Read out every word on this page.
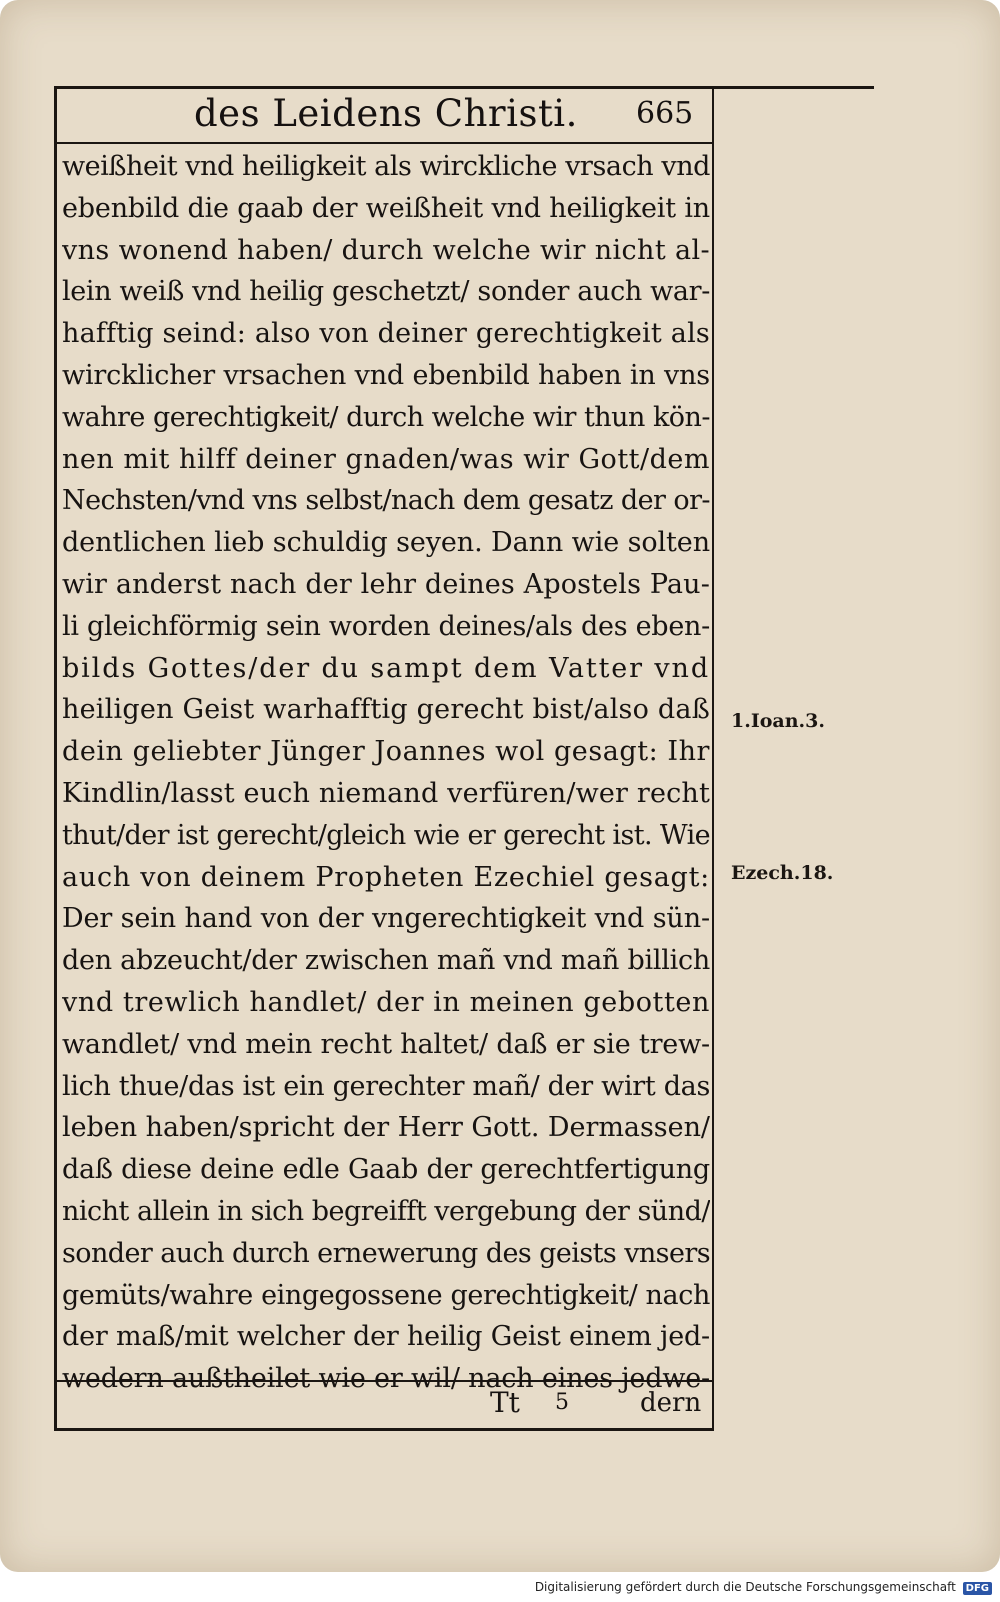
des Leidens Christi.	665
weißheit vnd heiligkeit als wirckliche vrsach vnd
ebenbild die gaab der weißheit vnd heiligkeit in
vns wonend haben/ durch welche wir nicht al-
lein weiß vnd heilig geschetzt/ sonder auch war-
hafftig seind: also von deiner gerechtigkeit als
wircklicher vrsachen vnd ebenbild haben in vns
wahre gerechtigkeit/ durch welche wir thun kön-
nen mit hilff deiner gnaden/was wir Gott/dem
Nechsten/vnd vns selbst/nach dem gesatz der or-
dentlichen lieb schuldig seyen. Dann wie solten
wir anderst nach der lehr deines Apostels Pau-
li gleichförmig sein worden deines/als des eben-
bilds Gottes/der du sampt dem Vatter vnd
heiligen Geist warhafftig gerecht bist/also daß
dein geliebter Jünger Joannes wol gesagt: Ihr
Kindlin/lasst euch niemand verfüren/wer recht
thut/der ist gerecht/gleich wie er gerecht ist. Wie
auch von deinem Propheten Ezechiel gesagt:
Der sein hand von der vngerechtigkeit vnd sün-
den abzeucht/der zwischen mañ vnd mañ billich
vnd trewlich handlet/ der in meinen gebotten
wandlet/ vnd mein recht haltet/ daß er sie trew-
lich thue/das ist ein gerechter mañ/ der wirt das
leben haben/spricht der Herr Gott. Dermassen/
daß diese deine edle Gaab der gerechtfertigung
nicht allein in sich begreifft vergebung der sünd/
sonder auch durch ernewerung des geists vnsers
gemüts/wahre eingegossene gerechtigkeit/ nach
der maß/mit welcher der heilig Geist einem jed-
wedern außtheilet wie er wil/ nach eines jedwe-
1.Ioan.3.
Ezech.18.
Tt 5	dern
Digitalisierung gefördert durch die Deutsche Forschungsgemeinschaft DFG
